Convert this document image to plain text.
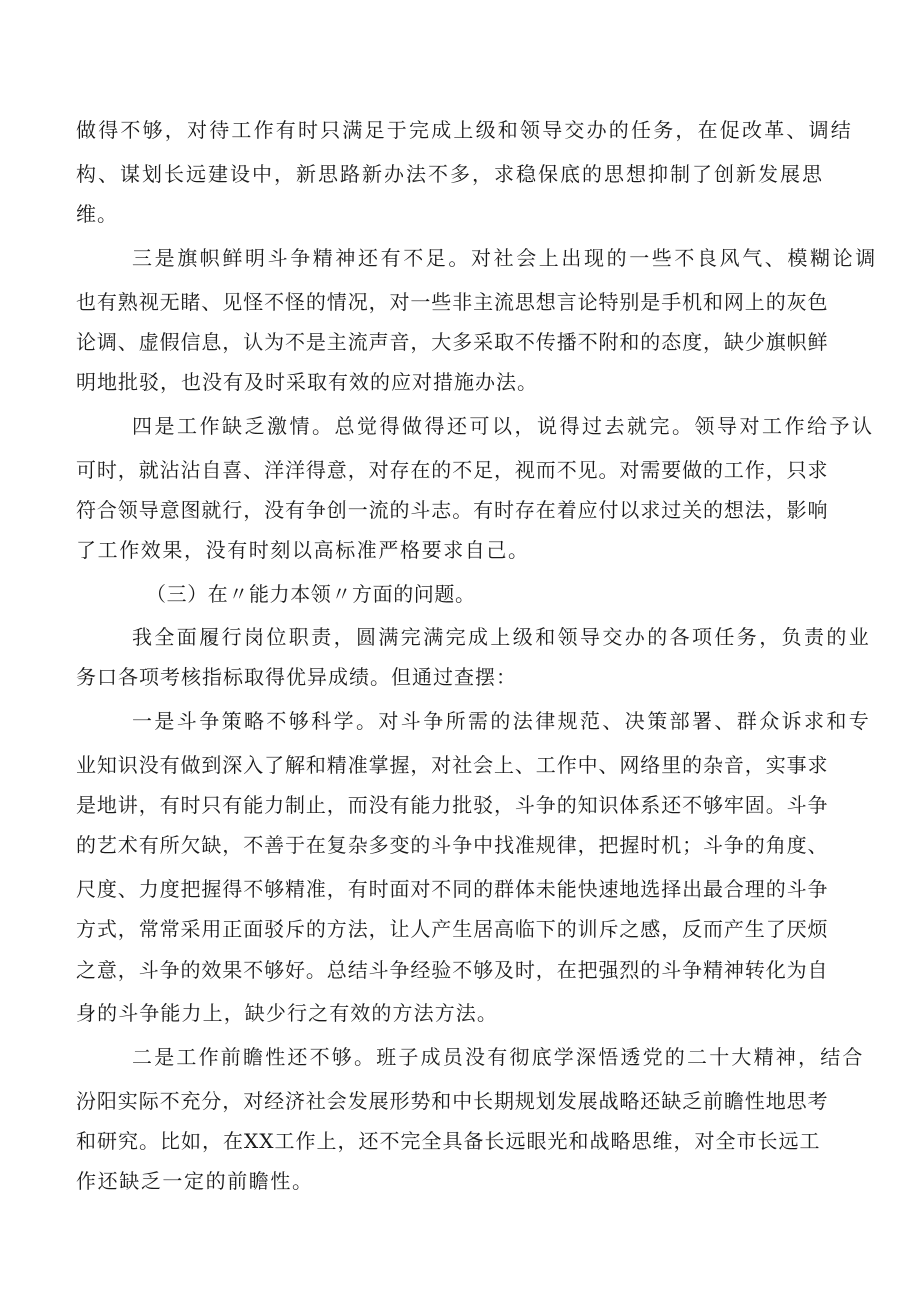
做得不够，对待工作有时只满足于完成上级和领导交办的任务，在促改革、调结

构、谋划长远建设中，新思路新办法不多，求稳保底的思想抑制了创新发展思

维。

三是旗帜鲜明斗争精神还有不足。对社会上出现的一些不良风气、模糊论调

也有熟视无睹、见怪不怪的情况，对一些非主流思想言论特别是手机和网上的灰色

论调、虚假信息，认为不是主流声音，大多采取不传播不附和的态度，缺少旗帜鲜

明地批驳，也没有及时采取有效的应对措施办法。

四是工作缺乏激情。总觉得做得还可以，说得过去就完。领导对工作给予认

可时，就沾沾自喜、洋洋得意，对存在的不足，视而不见。对需要做的工作，只求

符合领导意图就行，没有争创一流的斗志。有时存在着应付以求过关的想法，影响

了工作效果，没有时刻以高标准严格要求自己。

（三）在〃能力本领〃方面的问题。

我全面履行岗位职责，圆满完满完成上级和领导交办的各项任务，负责的业

务口各项考核指标取得优异成绩。但通过查摆：

一是斗争策略不够科学。对斗争所需的法律规范、决策部署、群众诉求和专

业知识没有做到深入了解和精准掌握，对社会上、工作中、网络里的杂音，实事求

是地讲，有时只有能力制止，而没有能力批驳，斗争的知识体系还不够牢固。斗争

的艺术有所欠缺，不善于在复杂多变的斗争中找准规律，把握时机；斗争的角度、

尺度、力度把握得不够精准，有时面对不同的群体未能快速地选择出最合理的斗争

方式，常常采用正面驳斥的方法，让人产生居高临下的训斥之感，反而产生了厌烦

之意，斗争的效果不够好。总结斗争经验不够及时，在把强烈的斗争精神转化为自

身的斗争能力上，缺少行之有效的方法方法。

二是工作前瞻性还不够。班子成员没有彻底学深悟透党的二十大精神，结合

汾阳实际不充分，对经济社会发展形势和中长期规划发展战略还缺乏前瞻性地思考

和研究。比如，在XX工作上，还不完全具备长远眼光和战略思维，对全市长远工

作还缺乏一定的前瞻性。
